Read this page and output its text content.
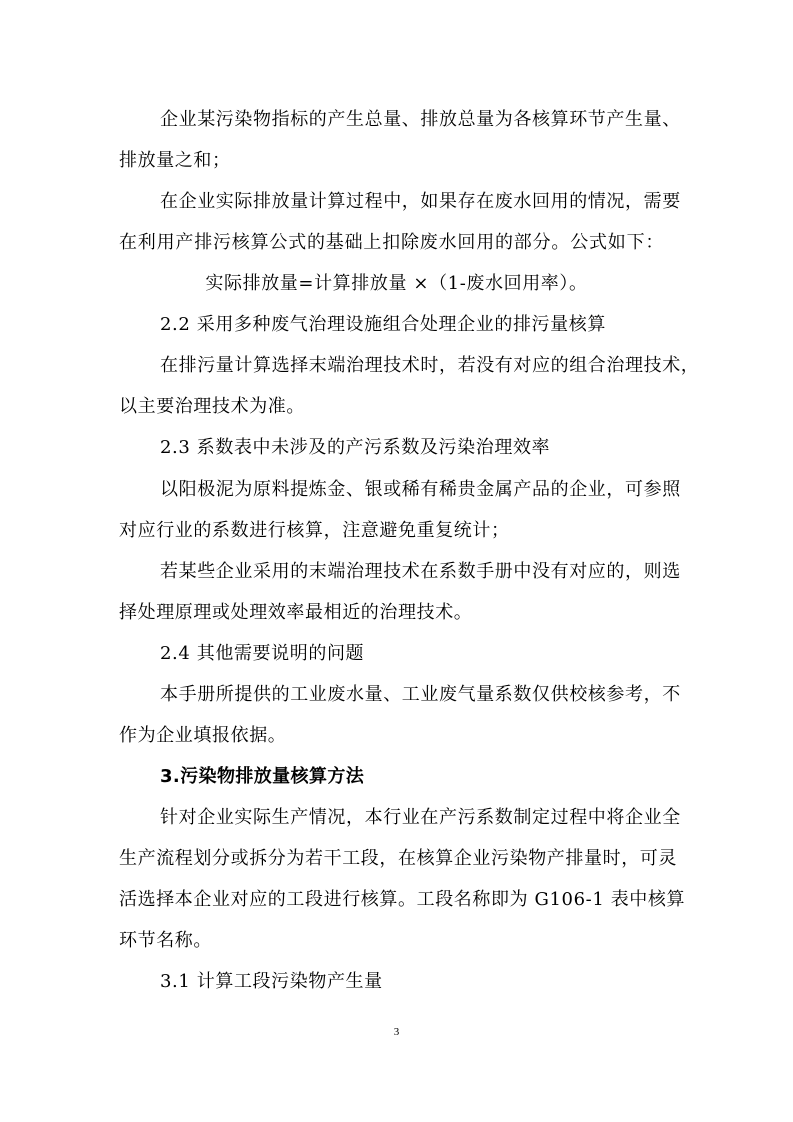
企业某污染物指标的产生总量、排放总量为各核算环节产生量、
排放量之和；
在企业实际排放量计算过程中，如果存在废水回用的情况，需要
在利用产排污核算公式的基础上扣除废水回用的部分。公式如下：
实际排放量=计算排放量 ×（1-废水回用率）。
2.2 采用多种废气治理设施组合处理企业的排污量核算
在排污量计算选择末端治理技术时，若没有对应的组合治理技术，
以主要治理技术为准。
2.3 系数表中未涉及的产污系数及污染治理效率
以阳极泥为原料提炼金、银或稀有稀贵金属产品的企业，可参照
对应行业的系数进行核算，注意避免重复统计；
若某些企业采用的末端治理技术在系数手册中没有对应的，则选
择处理原理或处理效率最相近的治理技术。
2.4 其他需要说明的问题
本手册所提供的工业废水量、工业废气量系数仅供校核参考，不
作为企业填报依据。
3.污染物排放量核算方法
针对企业实际生产情况，本行业在产污系数制定过程中将企业全
生产流程划分或拆分为若干工段，在核算企业污染物产排量时，可灵
活选择本企业对应的工段进行核算。工段名称即为 G106-1 表中核算
环节名称。
3.1 计算工段污染物产生量
3
